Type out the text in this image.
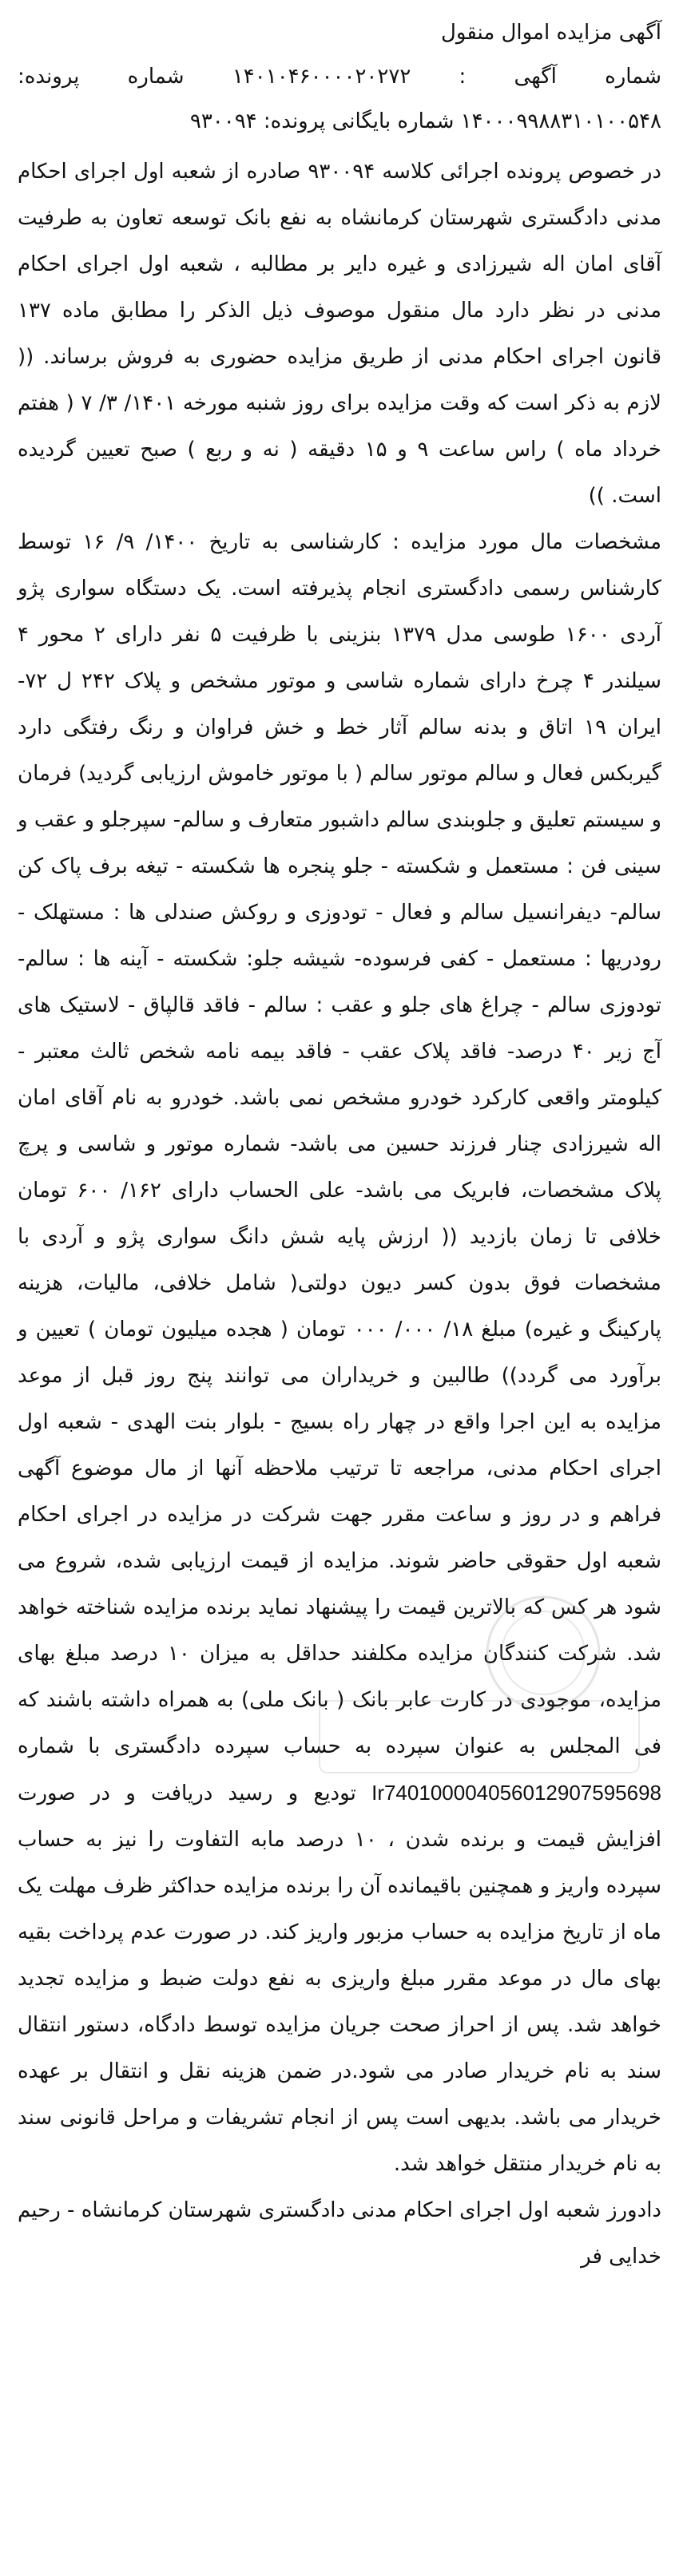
آگهی مزایده اموال منقول
شماره آگهی : ۱۴۰۱۰۴۶۰۰۰۰۲۰۲۷۲ شماره پرونده:
۱۴۰۰۰۹۹۸۸۳۱۰۱۰۰۵۴۸ شماره بایگانی پرونده: ۹۳۰۰۹۴

در خصوص پرونده اجرائی کلاسه ۹۳۰۰۹۴ صادره از شعبه اول اجرای احکام مدنی دادگستری شهرستان کرمانشاه به نفع بانک توسعه تعاون به طرفیت آقای امان اله شیرزادی و غیره دایر بر مطالبه ، شعبه اول اجرای احکام مدنی در نظر دارد مال منقول موصوف ذیل الذکر را مطابق ماده ۱۳۷ قانون اجرای احکام مدنی از طریق مزایده حضوری به فروش برساند. (( لازم به ذکر است که وقت مزایده برای روز شنبه مورخه ۱۴۰۱/ ۳/ ۷ ( هفتم خرداد ماه ) راس ساعت ۹ و ۱۵ دقیقه ( نه و ربع ) صبح تعیین گردیده است. ))

مشخصات مال مورد مزایده : کارشناسی به تاریخ ۱۴۰۰/ ۹/ ۱۶ توسط کارشناس رسمی دادگستری انجام پذیرفته است. یک دستگاه سواری پژو آردی ۱۶۰۰ طوسی مدل ۱۳۷۹ بنزینی با ظرفیت ۵ نفر دارای ۲ محور ۴ سیلندر ۴ چرخ دارای شماره شاسی و موتور مشخص و پلاک ۲۴۲ ل ۷۲- ایران ۱۹ اتاق و بدنه سالم آثار خط و خش فراوان و رنگ رفتگی دارد گیربکس فعال و سالم موتور سالم ( با موتور خاموش ارزیابی گردید) فرمان و سیستم تعلیق و جلوبندی سالم داشبور متعارف و سالم- سپرجلو و عقب و سینی فن : مستعمل و شکسته - جلو پنجره ها شکسته - تیغه برف پاک کن سالم- دیفرانسیل سالم و فعال - تودوزی و روکش صندلی ها : مستهلک - رودریها : مستعمل - کفی فرسوده- شیشه جلو: شکسته - آینه ها : سالم- تودوزی سالم - چراغ های جلو و عقب : سالم - فاقد قالپاق - لاستیک های آج زیر ۴۰ درصد- فاقد پلاک عقب - فاقد بیمه نامه شخص ثالث معتبر - کیلومتر واقعی کارکرد خودرو مشخص نمی باشد. خودرو به نام آقای امان اله شیرزادی چنار فرزند حسین می باشد- شماره موتور و شاسی و پرچ پلاک مشخصات، فابریک می باشد- علی الحساب دارای ۱۶۲/ ۶۰۰ تومان خلافی تا زمان بازدید (( ارزش پایه شش دانگ سواری پژو و آردی با مشخصات فوق بدون کسر دیون دولتی( شامل خلافی، مالیات، هزینه پارکینگ و غیره) مبلغ ۱۸/ ۰۰۰/ ۰۰۰ تومان ( هجده میلیون تومان ) تعیین و برآورد می گردد)) طالبین و خریداران می توانند پنج روز قبل از موعد مزایده به این اجرا واقع در چهار راه بسیج - بلوار بنت الهدی - شعبه اول اجرای احکام مدنی، مراجعه تا ترتیب ملاحظه آنها از مال موضوع آگهی فراهم و در روز و ساعت مقرر جهت شرکت در مزایده در اجرای احکام شعبه اول حقوقی حاضر شوند. مزایده از قیمت ارزیابی شده، شروع می شود هر کس که بالاترین قیمت را پیشنهاد نماید برنده مزایده شناخته خواهد شد. شرکت کنندگان مزایده مکلفند حداقل به میزان ۱۰ درصد مبلغ بهای مزایده، موجودی در کارت عابر بانک ( بانک ملی) به همراه داشته باشند که فی المجلس به عنوان سپرده به حساب سپرده دادگستری با شماره Ir740100004056012907595698 تودیع و رسید دریافت و در صورت افزایش قیمت و برنده شدن ، ۱۰ درصد مابه التفاوت را نیز به حساب سپرده واریز و همچنین باقیمانده آن را برنده مزایده حداکثر ظرف مهلت یک ماه از تاریخ مزایده به حساب مزبور واریز کند. در صورت عدم پرداخت بقیه بهای مال در موعد مقرر مبلغ واریزی به نفع دولت ضبط و مزایده تجدید خواهد شد. پس از احراز صحت جریان مزایده توسط دادگاه، دستور انتقال سند به نام خریدار صادر می شود.در ضمن هزینه نقل و انتقال بر عهده خریدار می باشد. بدیهی است پس از انجام تشریفات و مراحل قانونی سند به نام خریدار منتقل خواهد شد.

دادورز شعبه اول اجرای احکام مدنی دادگستری شهرستان کرمانشاه - رحیم خدایی فر
